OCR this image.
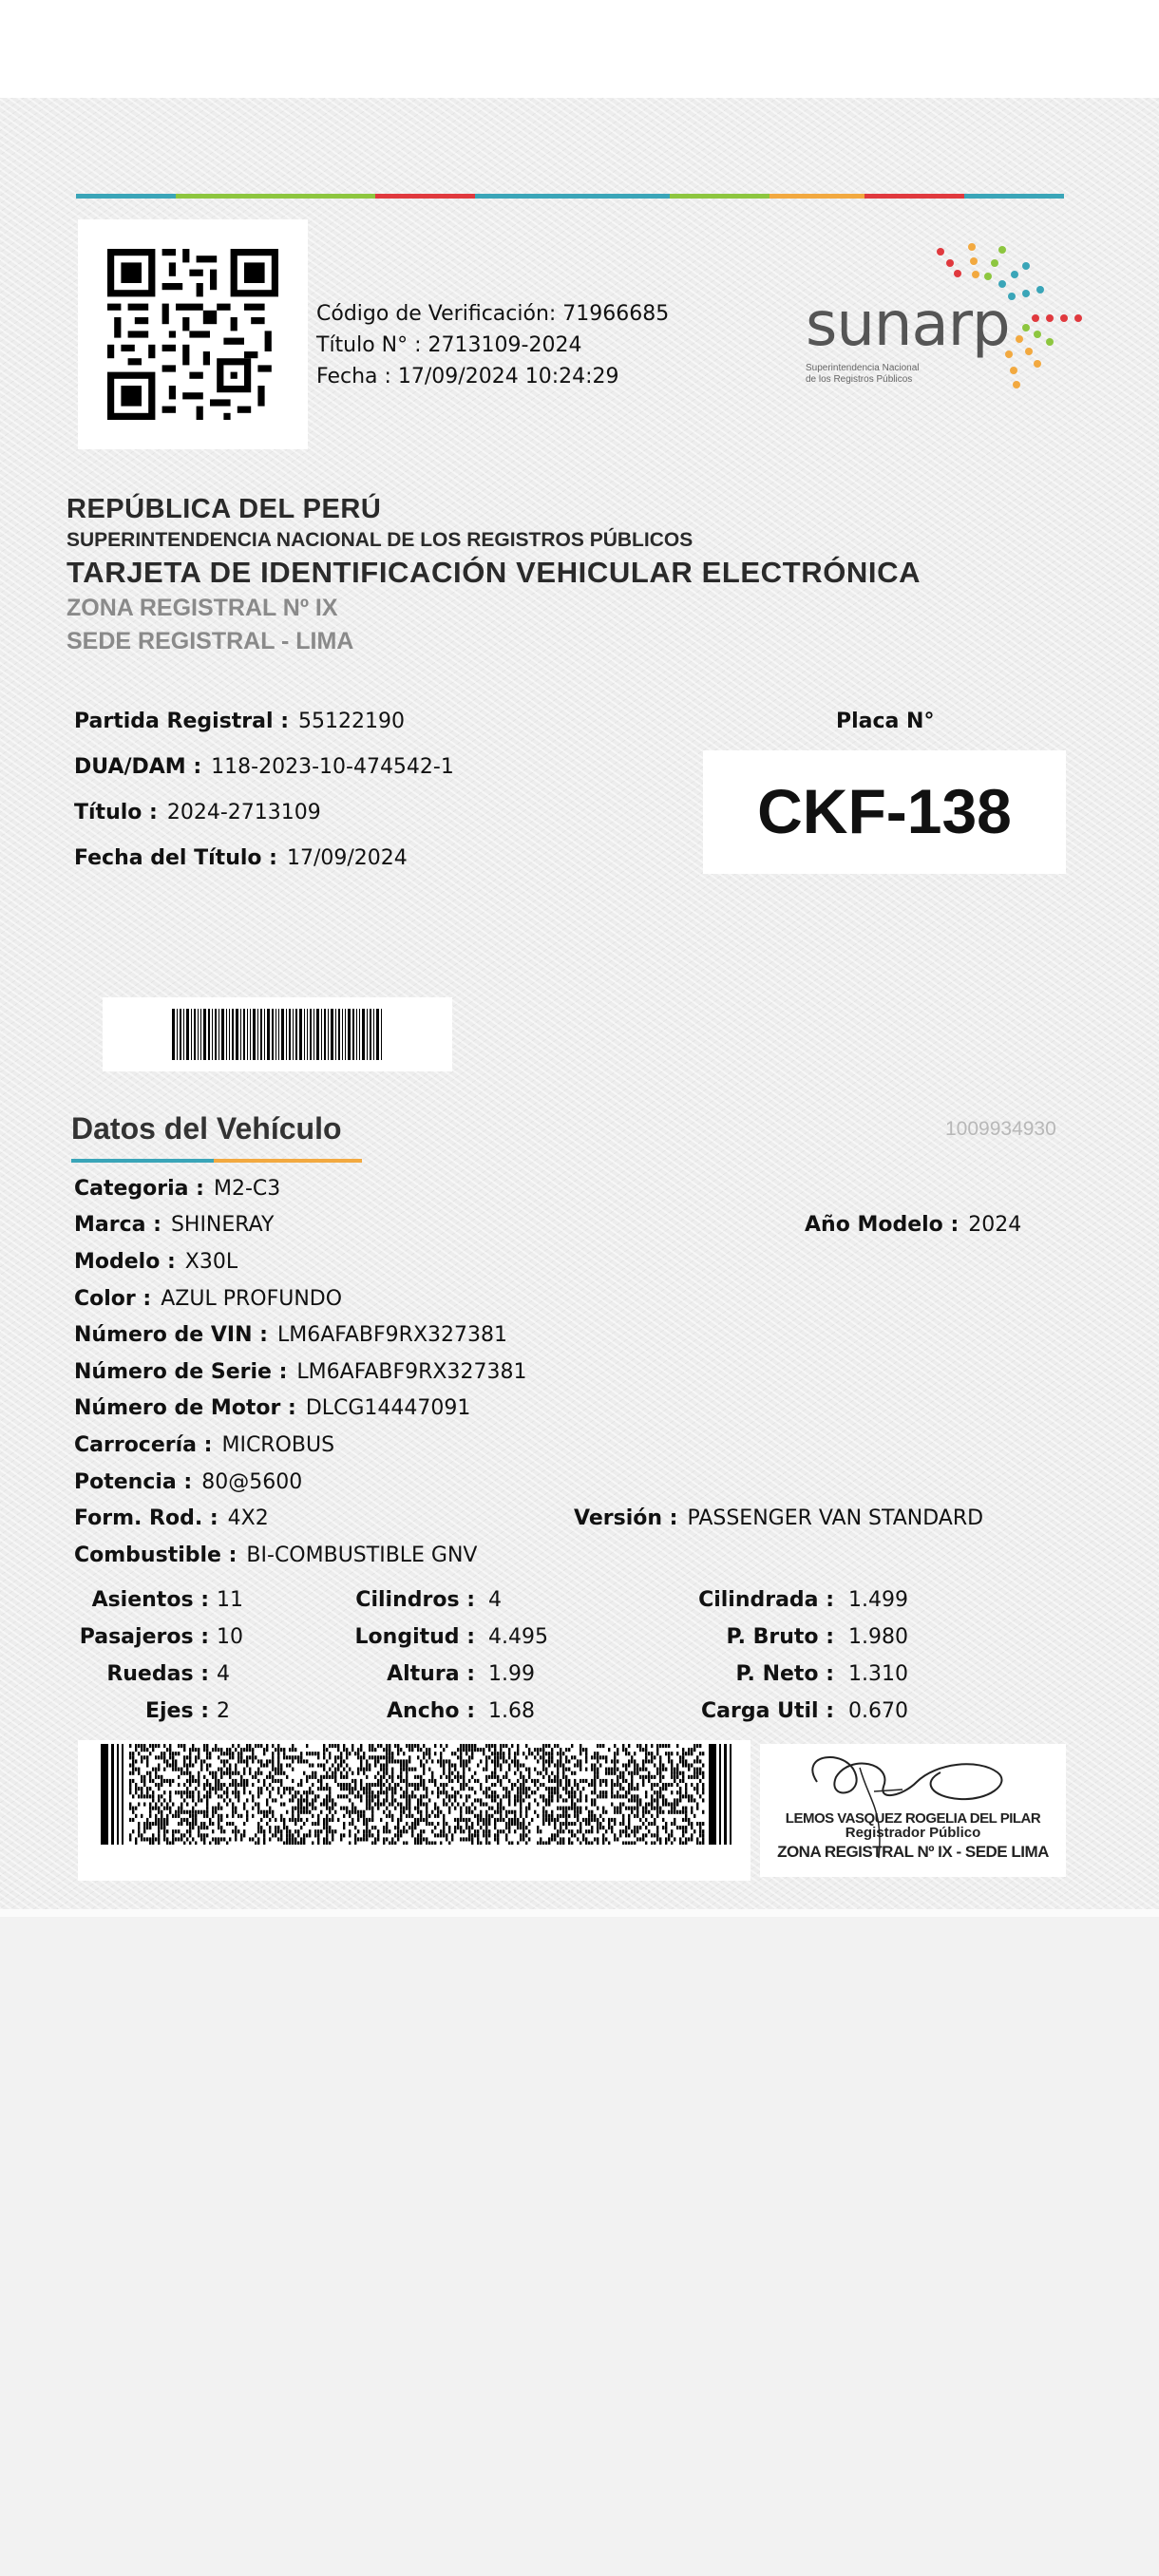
Código de Verificación: 71966685
Título N° : 2713109-2024
Fecha : 17/09/2024 10:24:29
sunarp
Superintendencia Nacional
de los Registros Públicos
REPÚBLICA DEL PERÚ
SUPERINTENDENCIA NACIONAL DE LOS REGISTROS PÚBLICOS
TARJETA DE IDENTIFICACIÓN VEHICULAR ELECTRÓNICA
ZONA REGISTRAL Nº IX
SEDE REGISTRAL - LIMA
Partida Registral : 55122190
DUA/DAM : 118-2023-10-474542-1
Título : 2024-2713109
Fecha del Título : 17/09/2024
Placa N°
CKF-138
Datos del Vehículo	1009934930
Categoria : M2-C3
Marca : SHINERAY	Año Modelo : 2024
Modelo : X30L
Color : AZUL PROFUNDO
Número de VIN : LM6AFABF9RX327381
Número de Serie : LM6AFABF9RX327381
Número de Motor : DLCG14447091
Carrocería : MICROBUS
Potencia : 80@5600
Form. Rod. : 4X2	Versión : PASSENGER VAN STANDARD
Combustible : BI-COMBUSTIBLE GNV
Asientos : 11	Cilindros : 4	Cilindrada : 1.499
Pasajeros : 10	Longitud : 4.495	P. Bruto : 1.980
Ruedas : 4	Altura : 1.99	P. Neto : 1.310
Ejes : 2	Ancho : 1.68	Carga Util : 0.670
LEMOS VASQUEZ ROGELIA DEL PILAR
Registrador Público
ZONA REGISTRAL Nº IX - SEDE LIMA
